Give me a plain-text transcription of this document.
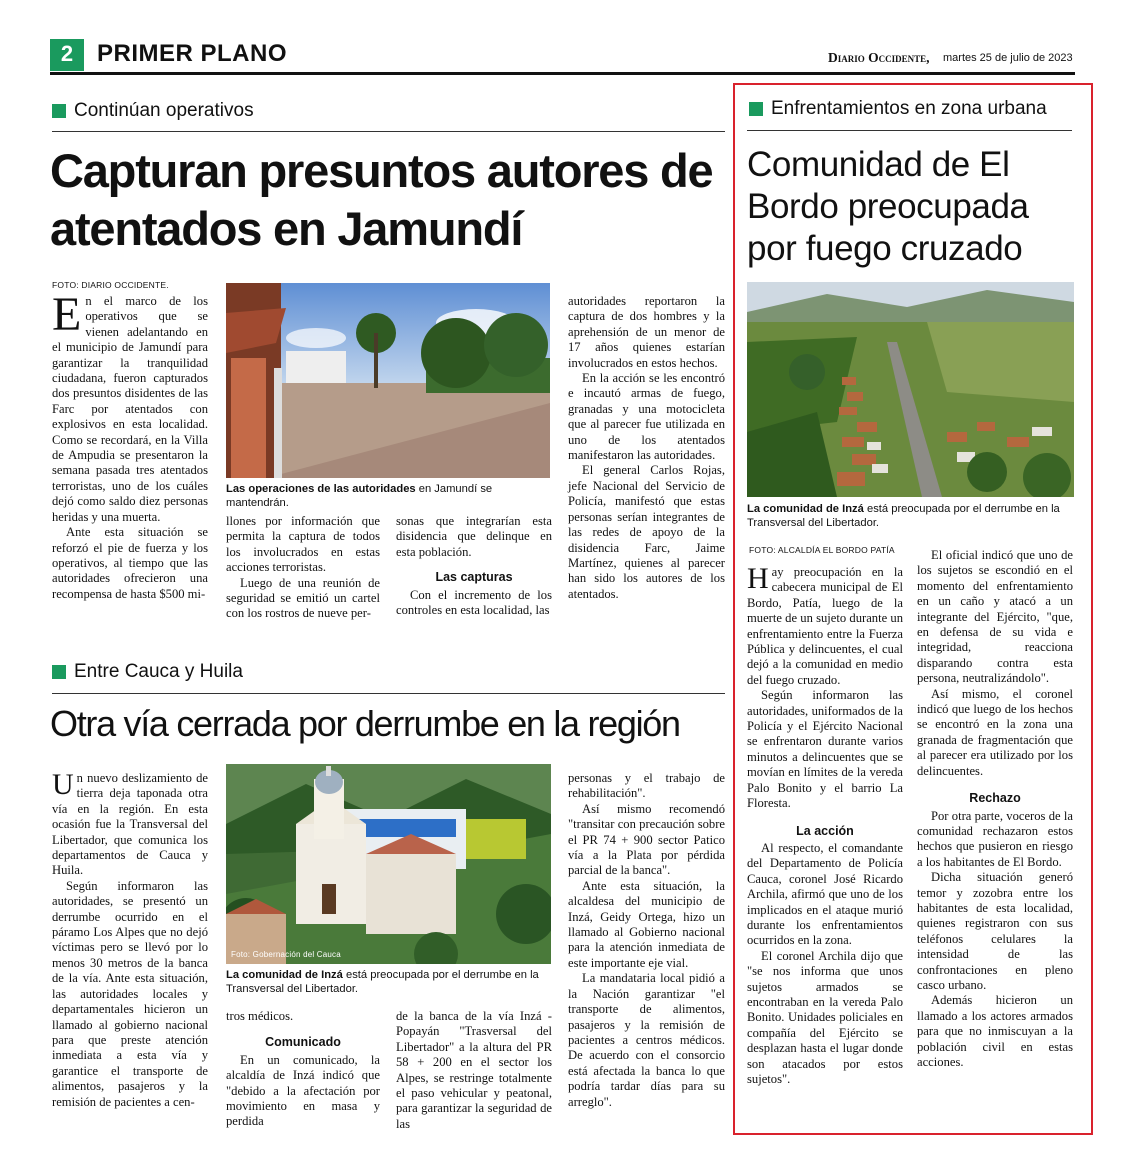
2 PRIMER PLANO	Diario Occidente, martes 25 de julio de 2023
Continúan operativos
Capturan presuntos autores de atentados en Jamundí
FOTO: DIARIO OCCIDENTE.

En el marco de los operativos que se vienen adelantando en el municipio de Jamundí para garantizar la tranquilidad ciudadana, fueron capturados dos presuntos disidentes de las Farc por atentados con explosivos en esta localidad. Como se recordará, en la Villa de Ampudia se presentaron la semana pasada tres atentados terroristas, uno de los cuáles dejó como saldo diez personas heridas y una muerta.

Ante esta situación se reforzó el pie de fuerza y los operativos, al tiempo que las autoridades ofrecieron una recompensa de hasta $500 mi-

Las operaciones de las autoridades en Jamundí se mantendrán.

llones por información que permita la captura de todos los involucrados en estas acciones terroristas.

Luego de una reunión de seguridad se emitió un cartel con los rostros de nueve per-

sonas que integrarían esta disidencia que delinque en esta población.

Las capturas

Con el incremento de los controles en esta localidad, las

autoridades reportaron la captura de dos hombres y la aprehensión de un menor de 17 años quienes estarían involucrados en estos hechos.

En la acción se les encontró e incautó armas de fuego, granadas y una motocicleta que al parecer fue utilizada en uno de los atentados manifestaron las autoridades.

El general Carlos Rojas, jefe Nacional del Servicio de Policía, manifestó que estas personas serían integrantes de las redes de apoyo de la disidencia Farc, Jaime Martínez, quienes al parecer han sido los autores de los atentados.

Entre Cauca y Huila
Otra vía cerrada por derrumbe en la región

Un nuevo deslizamiento de tierra deja taponada otra vía en la región. En esta ocasión fue la Transversal del Libertador, que comunica los departamentos de Cauca y Huila.

Según informaron las autoridades, se presentó un derrumbe ocurrido en el páramo Los Alpes que no dejó víctimas pero se llevó por lo menos 30 metros de la banca de la vía. Ante esta situación, las autoridades locales y departamentales hicieron un llamado al gobierno nacional para que preste atención inmediata a esta vía y garantice el transporte de alimentos, pasajeros y la remisión de pacientes a cen-

Foto: Gobernación del Cauca
La comunidad de Inzá está preocupada por el derrumbe en la Transversal del Libertador.

tros médicos.

Comunicado

En un comunicado, la alcaldía de Inzá indicó que "debido a la afectación por movimiento en masa y perdida

de la banca de la vía Inzá - Popayán "Trasversal del Libertador" a la altura del PR 58 + 200 en el sector los Alpes, se restringe totalmente el paso vehicular y peatonal, para garantizar la seguridad de las

personas y el trabajo de rehabilitación".

Así mismo recomendó "transitar con precaución sobre el PR 74 + 900 sector Patico vía a la Plata por pérdida parcial de la banca".

Ante esta situación, la alcaldesa del municipio de Inzá, Geidy Ortega, hizo un llamado al Gobierno nacional para la atención inmediata de este importante eje vial.

La mandataria local pidió a la Nación garantizar "el transporte de alimentos, pasajeros y la remisión de pacientes a centros médicos. De acuerdo con el consorcio está afectada la banca lo que podría tardar días para su arreglo".

Enfrentamientos en zona urbana
Comunidad de El Bordo preocupada por fuego cruzado
La comunidad de Inzá está preocupada por el derrumbe en la Transversal del Libertador.
FOTO: ALCALDÍA EL BORDO PATÍA

Hay preocupación en la cabecera municipal de El Bordo, Patía, luego de la muerte de un sujeto durante un enfrentamiento entre la Fuerza Pública y delincuentes, el cual dejó a la comunidad en medio del fuego cruzado.

Según informaron las autoridades, uniformados de la Policía y el Ejército Nacional se enfrentaron durante varios minutos a delincuentes que se movían en límites de la vereda Palo Bonito y el barrio La Floresta.

La acción

Al respecto, el comandante del Departamento de Policía Cauca, coronel José Ricardo Archila, afirmó que uno de los implicados en el ataque murió durante los enfrentamientos ocurridos en la zona.

El coronel Archila dijo que "se nos informa que unos sujetos armados se encontraban en la vereda Palo Bonito. Unidades policiales en compañía del Ejército se desplazan hasta el lugar donde son atacados por estos sujetos".

El oficial indicó que uno de los sujetos se escondió en el momento del enfrentamiento en un caño y atacó a un integrante del Ejército, "que, en defensa de su vida e integridad, reacciona disparando contra esta persona, neutralizándolo".

Así mismo, el coronel indicó que luego de los hechos se encontró en la zona una granada de fragmentación que al parecer era utilizado por los delincuentes.

Rechazo

Por otra parte, voceros de la comunidad rechazaron estos hechos que pusieron en riesgo a los habitantes de El Bordo.

Dicha situación generó temor y zozobra entre los habitantes de esta localidad, quienes registraron con sus teléfonos celulares la intensidad de las confrontaciones en pleno casco urbano.

Además hicieron un llamado a los actores armados para que no inmiscuyan a la población civil en estas acciones.
